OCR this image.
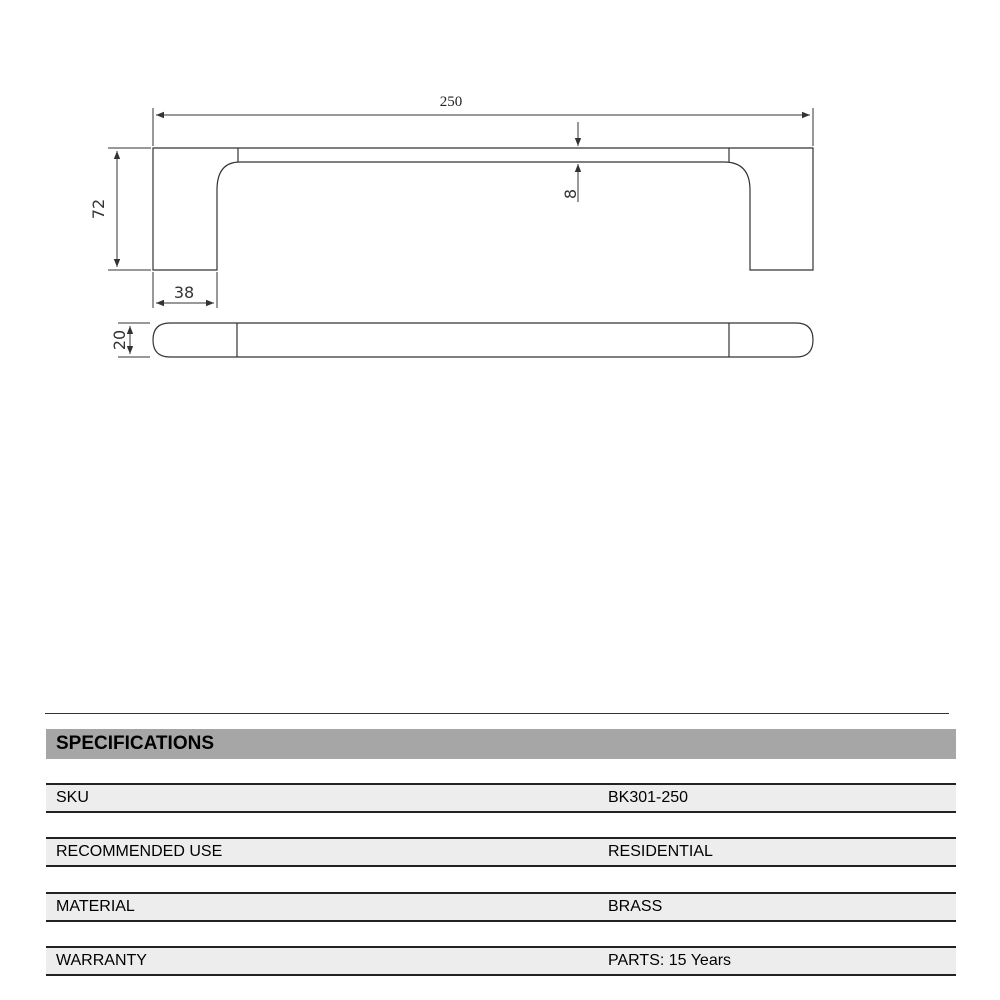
250
72
8
38
20
SPECIFICATIONS
SKU	BK301-250
RECOMMENDED USE	RESIDENTIAL
MATERIAL	BRASS
WARRANTY	PARTS: 15 Years
